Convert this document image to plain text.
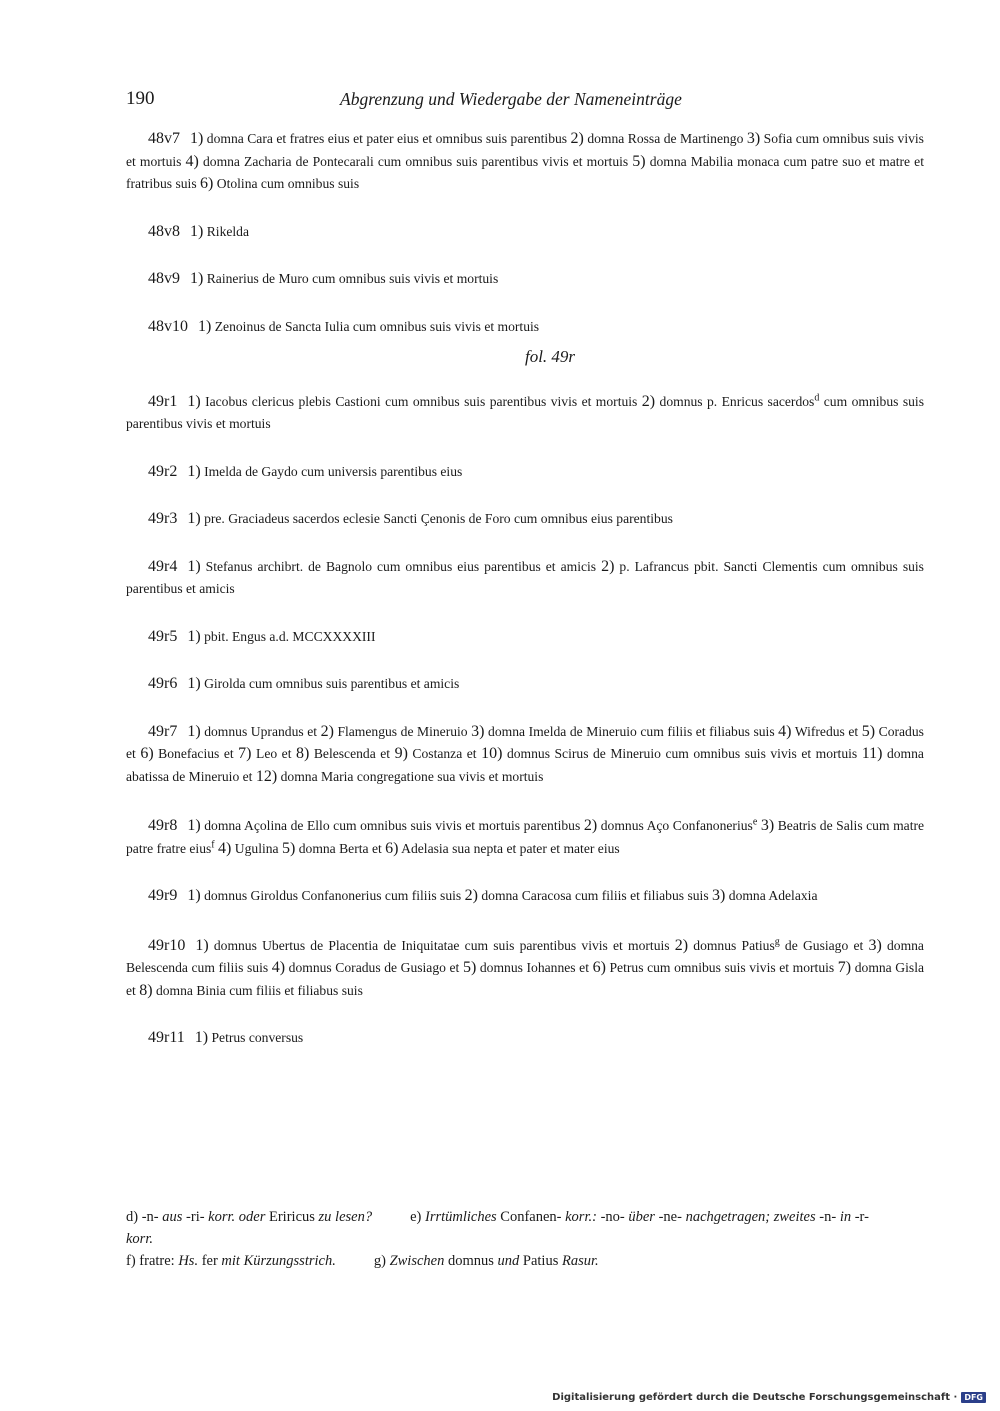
190	Abgrenzung und Wiedergabe der Nameneinträge

48v7 1) domna Cara et fratres eius et pater eius et omnibus suis parentibus 2) domna Rossa de Martinengo 3) Sofia cum omnibus suis vivis et mortuis 4) domna Zacharia de Pontecarali cum omnibus suis parentibus vivis et mortuis 5) domna Mabilia monaca cum patre suo et matre et fratribus suis 6) Otolina cum omnibus suis

48v8 1) Rikelda

48v9 1) Rainerius de Muro cum omnibus suis vivis et mortuis

48v10 1) Zenoinus de Sancta Iulia cum omnibus suis vivis et mortuis

fol. 49r

49r1 1) Iacobus clericus plebis Castioni cum omnibus suis parentibus vivis et mortuis 2) domnus p. Enricus sacerdos$^d$ cum omnibus suis parentibus vivis et mortuis

49r2 1) Imelda de Gaydo cum universis parentibus eius

49r3 1) pre. Graciadeus sacerdos eclesie Sancti Çenonis de Foro cum omnibus eius parentibus

49r4 1) Stefanus archibrt. de Bagnolo cum omnibus eius parentibus et amicis 2) p. Lafrancus pbit. Sancti Clementis cum omnibus suis parentibus et amicis

49r5 1) pbit. Engus a.d. MCCXXXXIII

49r6 1) Girolda cum omnibus suis parentibus et amicis

49r7 1) domnus Uprandus et 2) Flamengus de Mineruio 3) domna Imelda de Mineruio cum filiis et filiabus suis 4) Wifredus et 5) Coradus et 6) Bonefacius et 7) Leo et 8) Belescenda et 9) Costanza et 10) domnus Scirus de Mineruio cum omnibus suis vivis et mortuis 11) domna abatissa de Mineruio et 12) domna Maria congregatione sua vivis et mortuis

49r8 1) domna Açolina de Ello cum omnibus suis vivis et mortuis parentibus 2) domnus Aço Confanonerius$^e$ 3) Beatris de Salis cum matre patre fratre eius$^f$ 4) Ugulina 5) domna Berta et 6) Adelasia sua nepta et pater et mater eius

49r9 1) domnus Giroldus Confanonerius cum filiis suis 2) domna Caracosa cum filiis et filiabus suis 3) domna Adelaxia

49r10 1) domnus Ubertus de Placentia de Iniquitatae cum suis parentibus vivis et mortuis 2) domnus Patius$^g$ de Gusiago et 3) domna Belescenda cum filiis suis 4) domnus Coradus de Gusiago et 5) domnus Iohannes et 6) Petrus cum omnibus suis vivis et mortuis 7) domna Gisla et 8) domna Binia cum filiis et filiabus suis

49r11 1) Petrus conversus

d) -n- aus -ri- korr. oder Eriricus zu lesen?	e) Irrtümliches Confanen- korr.: -no- über -ne- nachgetragen; zweites -n- in -r- korr.

f) fratre: Hs. fer mit Kürzungsstrich.	g) Zwischen domnus und Patius Rasur.

Digitalisierung gefördert durch die Deutsche Forschungsgemeinschaft · DFG
